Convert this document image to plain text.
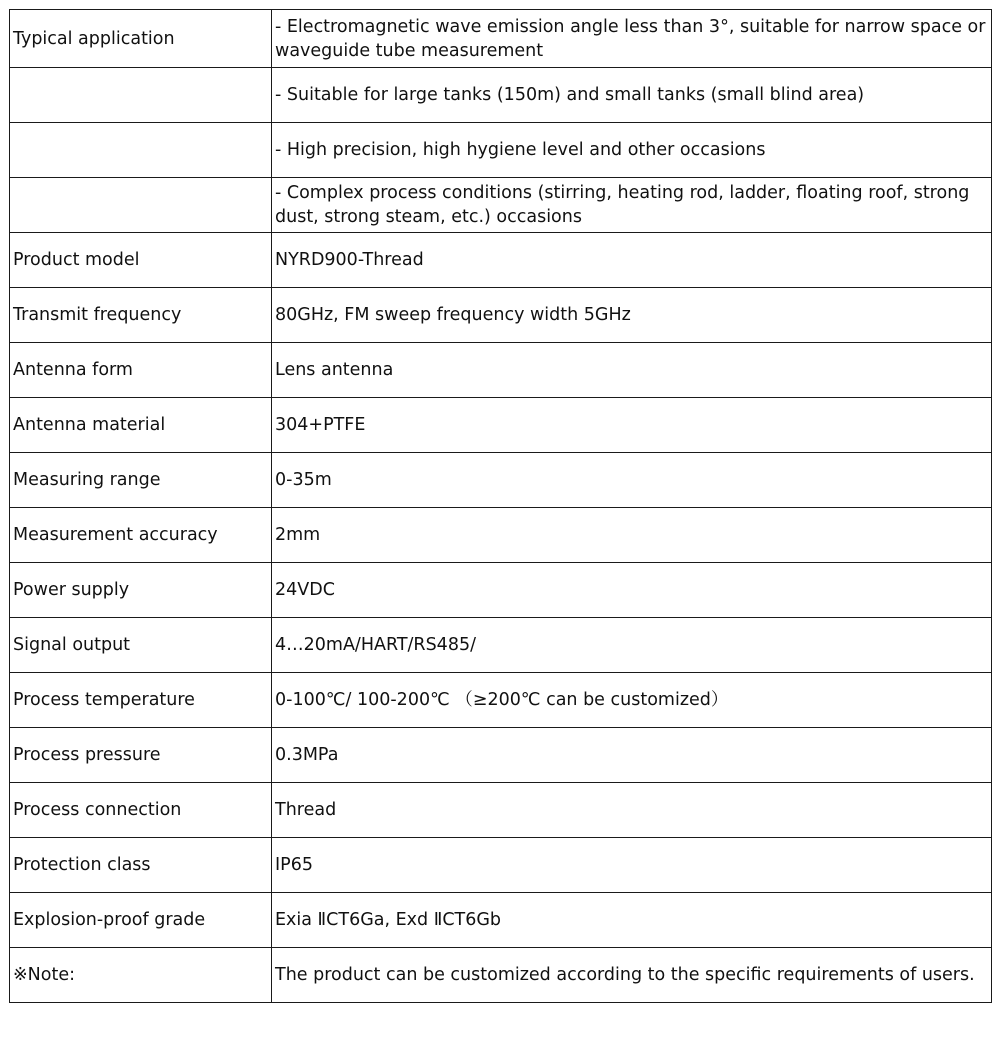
Typical application	- Electromagnetic wave emission angle less than 3°, suitable for narrow space or waveguide tube measurement
	- Suitable for large tanks (150m) and small tanks (small blind area)
	- High precision, high hygiene level and other occasions
	- Complex process conditions (stirring, heating rod, ladder, floating roof, strong dust, strong steam, etc.) occasions
Product model	NYRD900-Thread
Transmit frequency	80GHz, FM sweep frequency width 5GHz
Antenna form	Lens antenna
Antenna material	304+PTFE
Measuring range	0-35m
Measurement accuracy	2mm
Power supply	24VDC
Signal output	4…20mA/HART/RS485/
Process temperature	0-100℃/ 100-200℃ （≥200℃ can be customized）
Process pressure	0.3MPa
Process connection	Thread
Protection class	IP65
Explosion-proof grade	Exia ⅡCT6Ga, Exd ⅡCT6Gb
※Note:	The product can be customized according to the specific requirements of users.
